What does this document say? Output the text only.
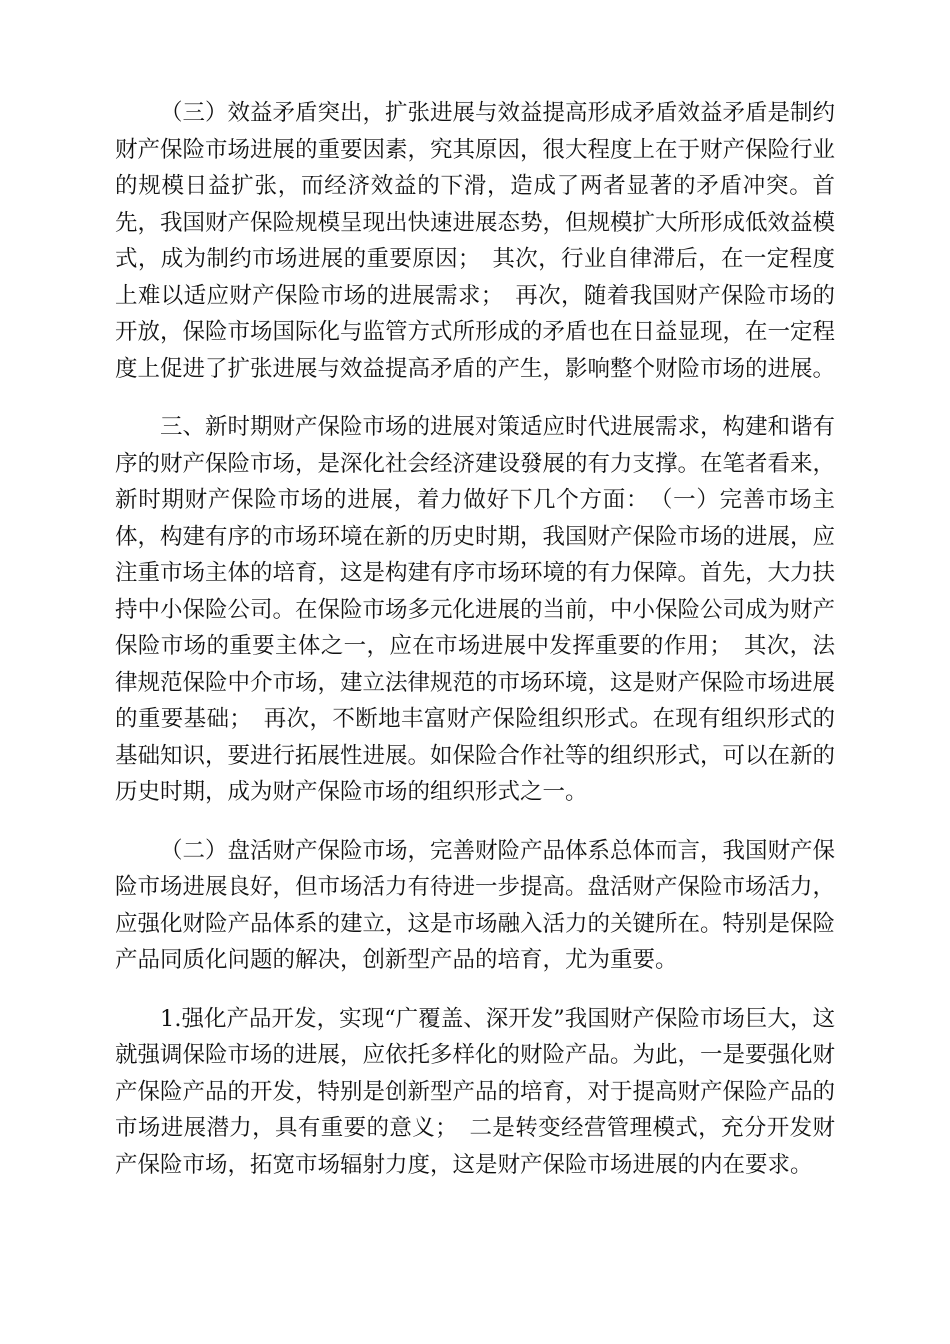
（三）效益矛盾突出，扩张进展与效益提高形成矛盾效益矛盾是制约财产保险市场进展的重要因素，究其原因，很大程度上在于财产保险行业的规模日益扩张，而经济效益的下滑，造成了两者显著的矛盾冲突。首先，我国财产保险规模呈现出快速进展态势，但规模扩大所形成低效益模式，成为制约市场进展的重要原因；　其次，行业自律滞后，在一定程度上难以适应财产保险市场的进展需求；　再次，随着我国财产保险市场的开放，保险市场国际化与监管方式所形成的矛盾也在日益显现，在一定程度上促进了扩张进展与效益提高矛盾的产生，影响整个财险市场的进展。

三、新时期财产保险市场的进展对策适应时代进展需求，构建和谐有序的财产保险市场，是深化社会经济建设發展的有力支撑。在笔者看来，新时期财产保险市场的进展，着力做好下几个方面：　（一）完善市场主体，构建有序的市场环境在新的历史时期，我国财产保险市场的进展，应注重市场主体的培育，这是构建有序市场环境的有力保障。首先，大力扶持中小保险公司。在保险市场多元化进展的当前，中小保险公司成为财产保险市场的重要主体之一，应在市场进展中发挥重要的作用；　其次，法律规范保险中介市场，建立法律规范的市场环境，这是财产保险市场进展的重要基础；　再次，不断地丰富财产保险组织形式。在现有组织形式的基础知识，要进行拓展性进展。如保险合作社等的组织形式，可以在新的历史时期，成为财产保险市场的组织形式之一。

（二）盘活财产保险市场，完善财险产品体系总体而言，我国财产保险市场进展良好，但市场活力有待进一步提高。盘活财产保险市场活力，应强化财险产品体系的建立，这是市场融入活力的关键所在。特别是保险产品同质化问题的解决，创新型产品的培育，尤为重要。

1.强化产品开发，实现“广覆盖、深开发”我国财产保险市场巨大，这就强调保险市场的进展，应依托多样化的财险产品。为此，一是要强化财产保险产品的开发，特别是创新型产品的培育，对于提高财产保险产品的市场进展潜力，具有重要的意义；　二是转变经营管理模式，充分开发财产保险市场，拓宽市场辐射力度，这是财产保险市场进展的内在要求。
